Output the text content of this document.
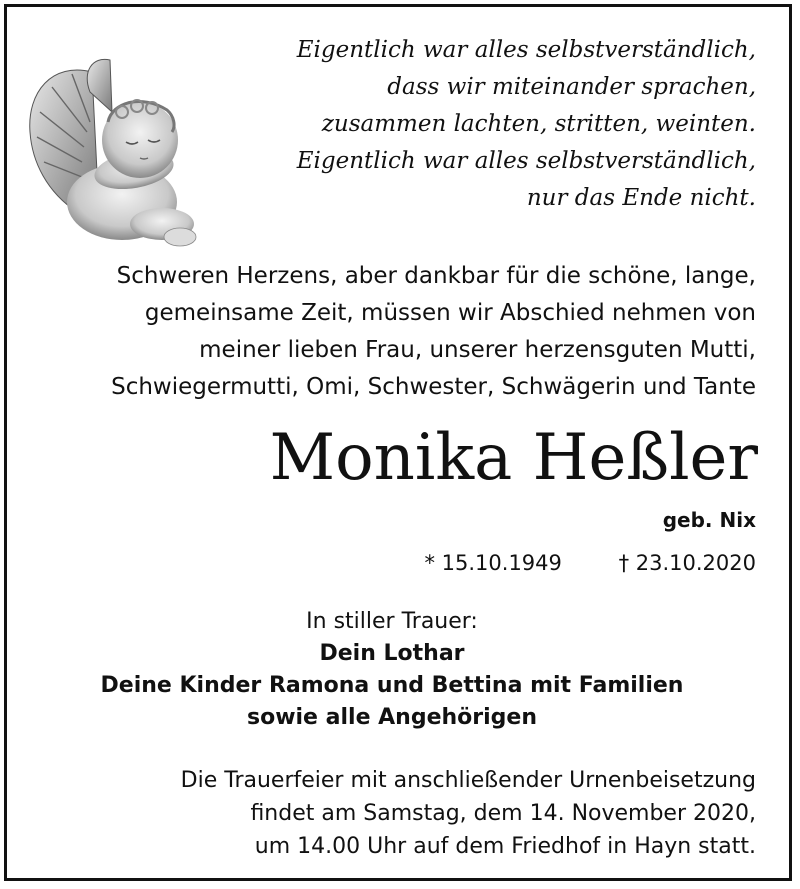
Eigentlich war alles selbstverständlich,
dass wir miteinander sprachen,
zusammen lachten, stritten, weinten.
Eigentlich war alles selbstverständlich,
nur das Ende nicht.
Schweren Herzens, aber dankbar für die schöne, lange,
gemeinsame Zeit, müssen wir Abschied nehmen von
meiner lieben Frau, unserer herzensguten Mutti,
Schwiegermutti, Omi, Schwester, Schwägerin und Tante
Monika Heßler
geb. Nix
* 15.10.1949	† 23.10.2020
In stiller Trauer:
Dein Lothar
Deine Kinder Ramona und Bettina mit Familien
sowie alle Angehörigen
Die Trauerfeier mit anschließender Urnenbeisetzung
findet am Samstag, dem 14. November 2020,
um 14.00 Uhr auf dem Friedhof in Hayn statt.
